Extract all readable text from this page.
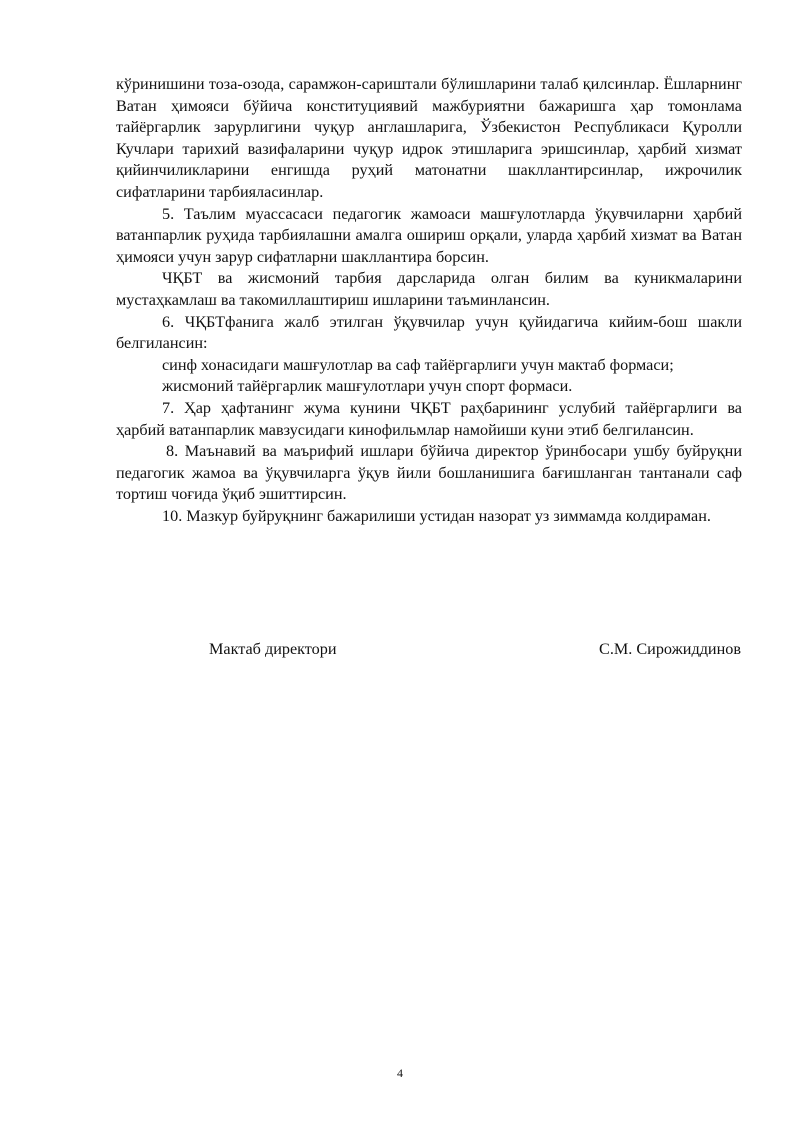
кўринишини тоза-озода, сарамжон-сариштали бўлишларини талаб қилсинлар. Ёшларнинг Ватан ҳимояси бўйича конституциявий мажбуриятни бажаришга ҳар томонлама тайёргарлик зарурлигини чуқур англашларига, Ўзбекистон Республикаси Қуролли Кучлари тарихий вазифаларини чуқур идрок этишларига эришсинлар, ҳарбий хизмат қийинчиликларини енгишда руҳий матонатни шакллантирсинлар, ижрочилик сифатларини тарбияласинлар.

5. Таълим муассасаси педагогик жамоаси машғулотларда ўқувчиларни ҳарбий ватанпарлик руҳида тарбиялашни амалга ошириш орқали, уларда ҳарбий хизмат ва Ватан ҳимояси учун зарур сифатларни шакллантира борсин.

ЧҚБТ ва жисмоний тарбия дарсларида олган билим ва куникмаларини мустаҳкамлаш ва такомиллаштириш ишларини таъминлансин.

6. ЧҚБТфанига жалб этилган ўқувчилар учун қуйидагича кийим-бош шакли белгилансин:

синф хонасидаги машғулотлар ва саф тайёргарлиги учун мактаб формаси;

жисмоний тайёргарлик машғулотлари учун спорт формаси.

7. Ҳар ҳафтанинг жума кунини ЧҚБТ раҳбарининг услубий тайёргарлиги ва ҳарбий ватанпарлик мавзусидаги кинофильмлар намойиши куни этиб белгилансин.

8. Маънавий ва маърифий ишлари бўйича директор ўринбосари ушбу буйруқни педагогик жамоа ва ўқувчиларга ўқув йили бошланишига бағишланган тантанали саф тортиш чоғида ўқиб эшиттирсин.

10. Мазкур буйруқнинг бажарилиши устидан назорат уз зиммамда колдираман.

Мактаб директори	С.М. Сирожиддинов
4
